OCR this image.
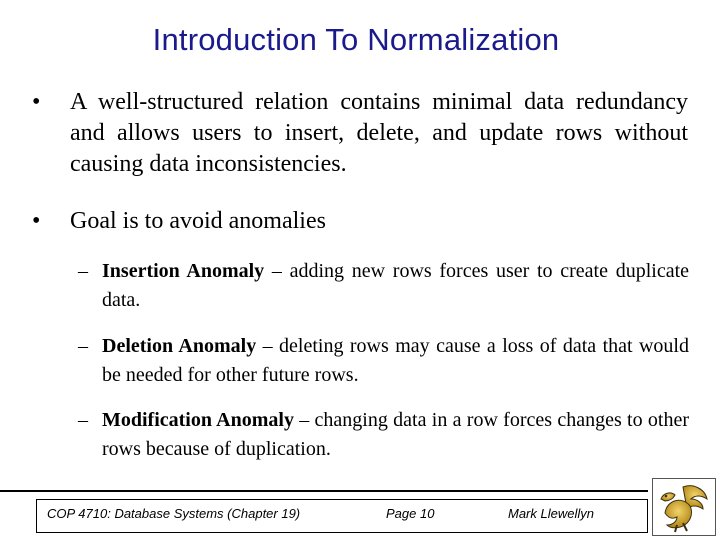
Introduction To Normalization
• A well-structured relation contains minimal data redundancy and allows users to insert, delete, and update rows without causing data inconsistencies.
• Goal is to avoid anomalies
– Insertion Anomaly – adding new rows forces user to create duplicate data.
– Deletion Anomaly – deleting rows may cause a loss of data that would be needed for other future rows.
– Modification Anomaly – changing data in a row forces changes to other rows because of duplication.
COP 4710: Database Systems (Chapter 19)	Page 10	Mark Llewellyn
